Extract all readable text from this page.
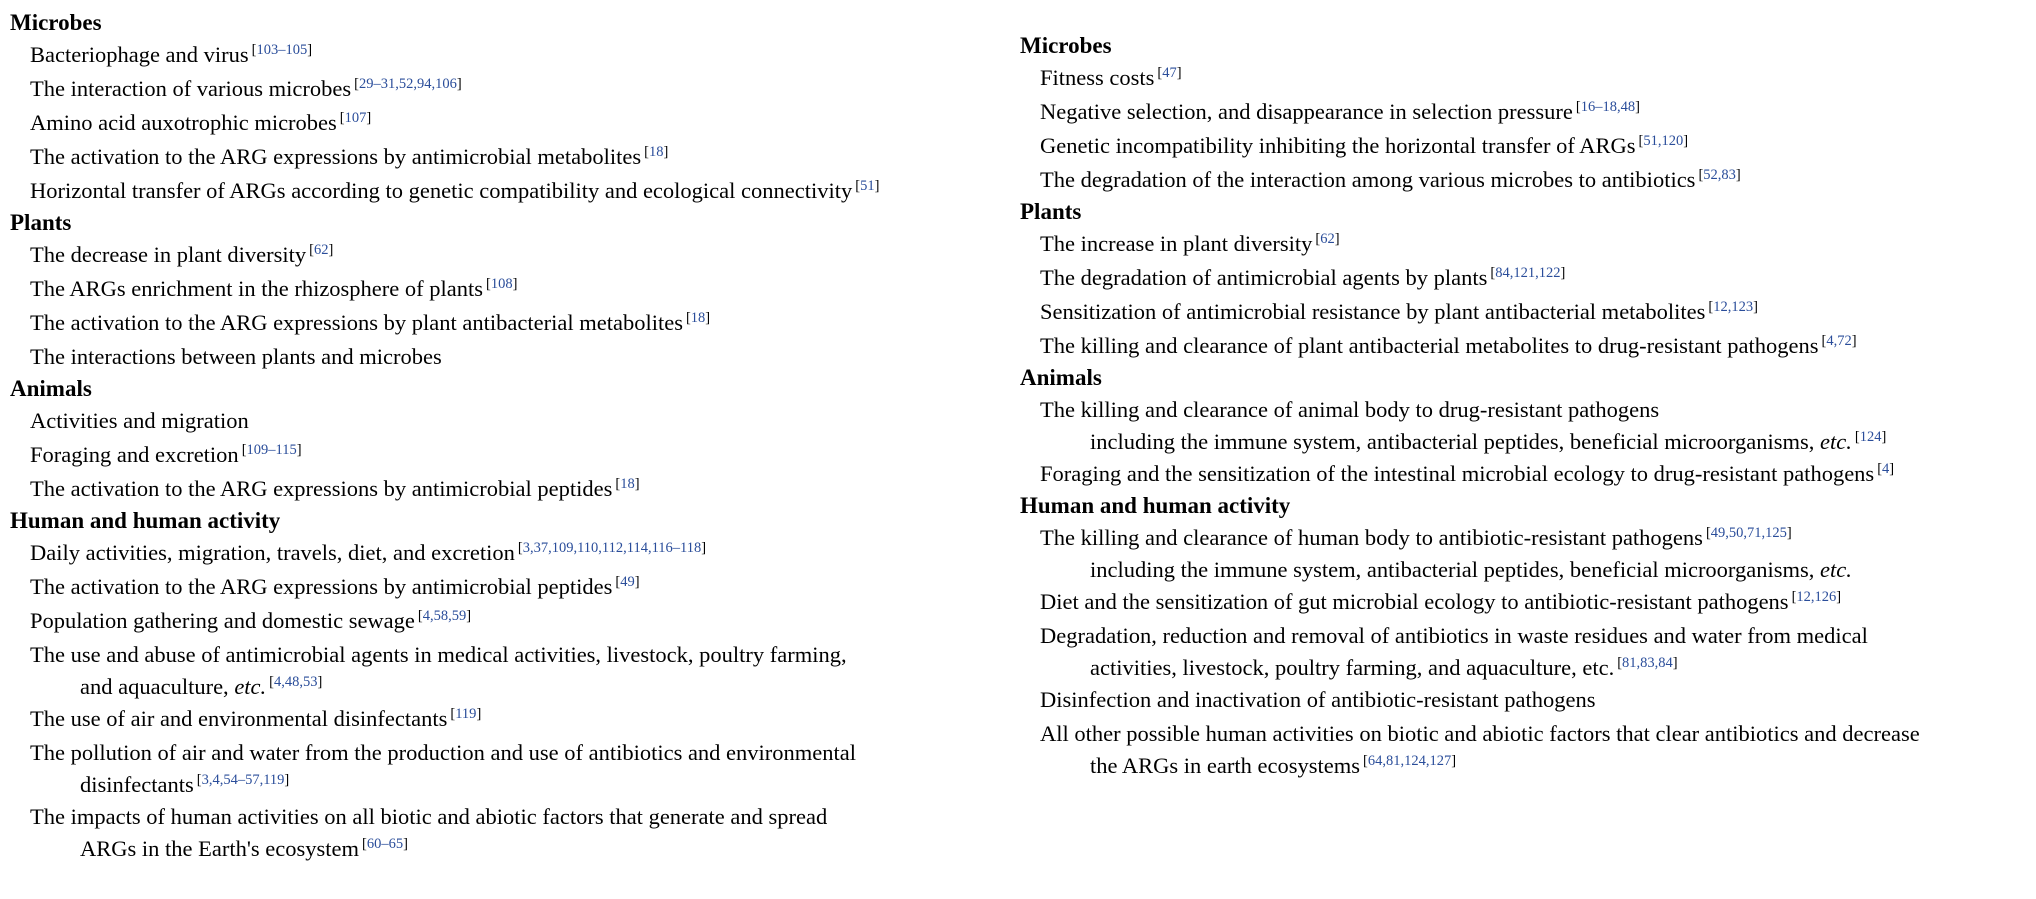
Microbes
Bacteriophage and virus [103–105]
The interaction of various microbes [29–31,52,94,106]
Amino acid auxotrophic microbes [107]
The activation to the ARG expressions by antimicrobial metabolites [18]
Horizontal transfer of ARGs according to genetic compatibility and ecological connectivity [51]
Plants
The decrease in plant diversity [62]
The ARGs enrichment in the rhizosphere of plants [108]
The activation to the ARG expressions by plant antibacterial metabolites [18]
The interactions between plants and microbes
Animals
Activities and migration
Foraging and excretion [109–115]
The activation to the ARG expressions by antimicrobial peptides [18]
Human and human activity
Daily activities, migration, travels, diet, and excretion [3,37,109,110,112,114,116–118]
The activation to the ARG expressions by antimicrobial peptides [49]
Population gathering and domestic sewage [4,58,59]
The use and abuse of antimicrobial agents in medical activities, livestock, poultry farming,
and aquaculture, etc. [4,48,53]
The use of air and environmental disinfectants [119]
The pollution of air and water from the production and use of antibiotics and environmental
disinfectants [3,4,54–57,119]
The impacts of human activities on all biotic and abiotic factors that generate and spread
ARGs in the Earth's ecosystem [60–65]
Microbes
Fitness costs [47]
Negative selection, and disappearance in selection pressure [16–18,48]
Genetic incompatibility inhibiting the horizontal transfer of ARGs [51,120]
The degradation of the interaction among various microbes to antibiotics [52,83]
Plants
The increase in plant diversity [62]
The degradation of antimicrobial agents by plants [84,121,122]
Sensitization of antimicrobial resistance by plant antibacterial metabolites [12,123]
The killing and clearance of plant antibacterial metabolites to drug-resistant pathogens [4,72]
Animals
The killing and clearance of animal body to drug-resistant pathogens
including the immune system, antibacterial peptides, beneficial microorganisms, etc. [124]
Foraging and the sensitization of the intestinal microbial ecology to drug-resistant pathogens [4]
Human and human activity
The killing and clearance of human body to antibiotic-resistant pathogens [49,50,71,125]
including the immune system, antibacterial peptides, beneficial microorganisms, etc.
Diet and the sensitization of gut microbial ecology to antibiotic-resistant pathogens [12,126]
Degradation, reduction and removal of antibiotics in waste residues and water from medical
activities, livestock, poultry farming, and aquaculture, etc. [81,83,84]
Disinfection and inactivation of antibiotic-resistant pathogens
All other possible human activities on biotic and abiotic factors that clear antibiotics and decrease
the ARGs in earth ecosystems [64,81,124,127]
